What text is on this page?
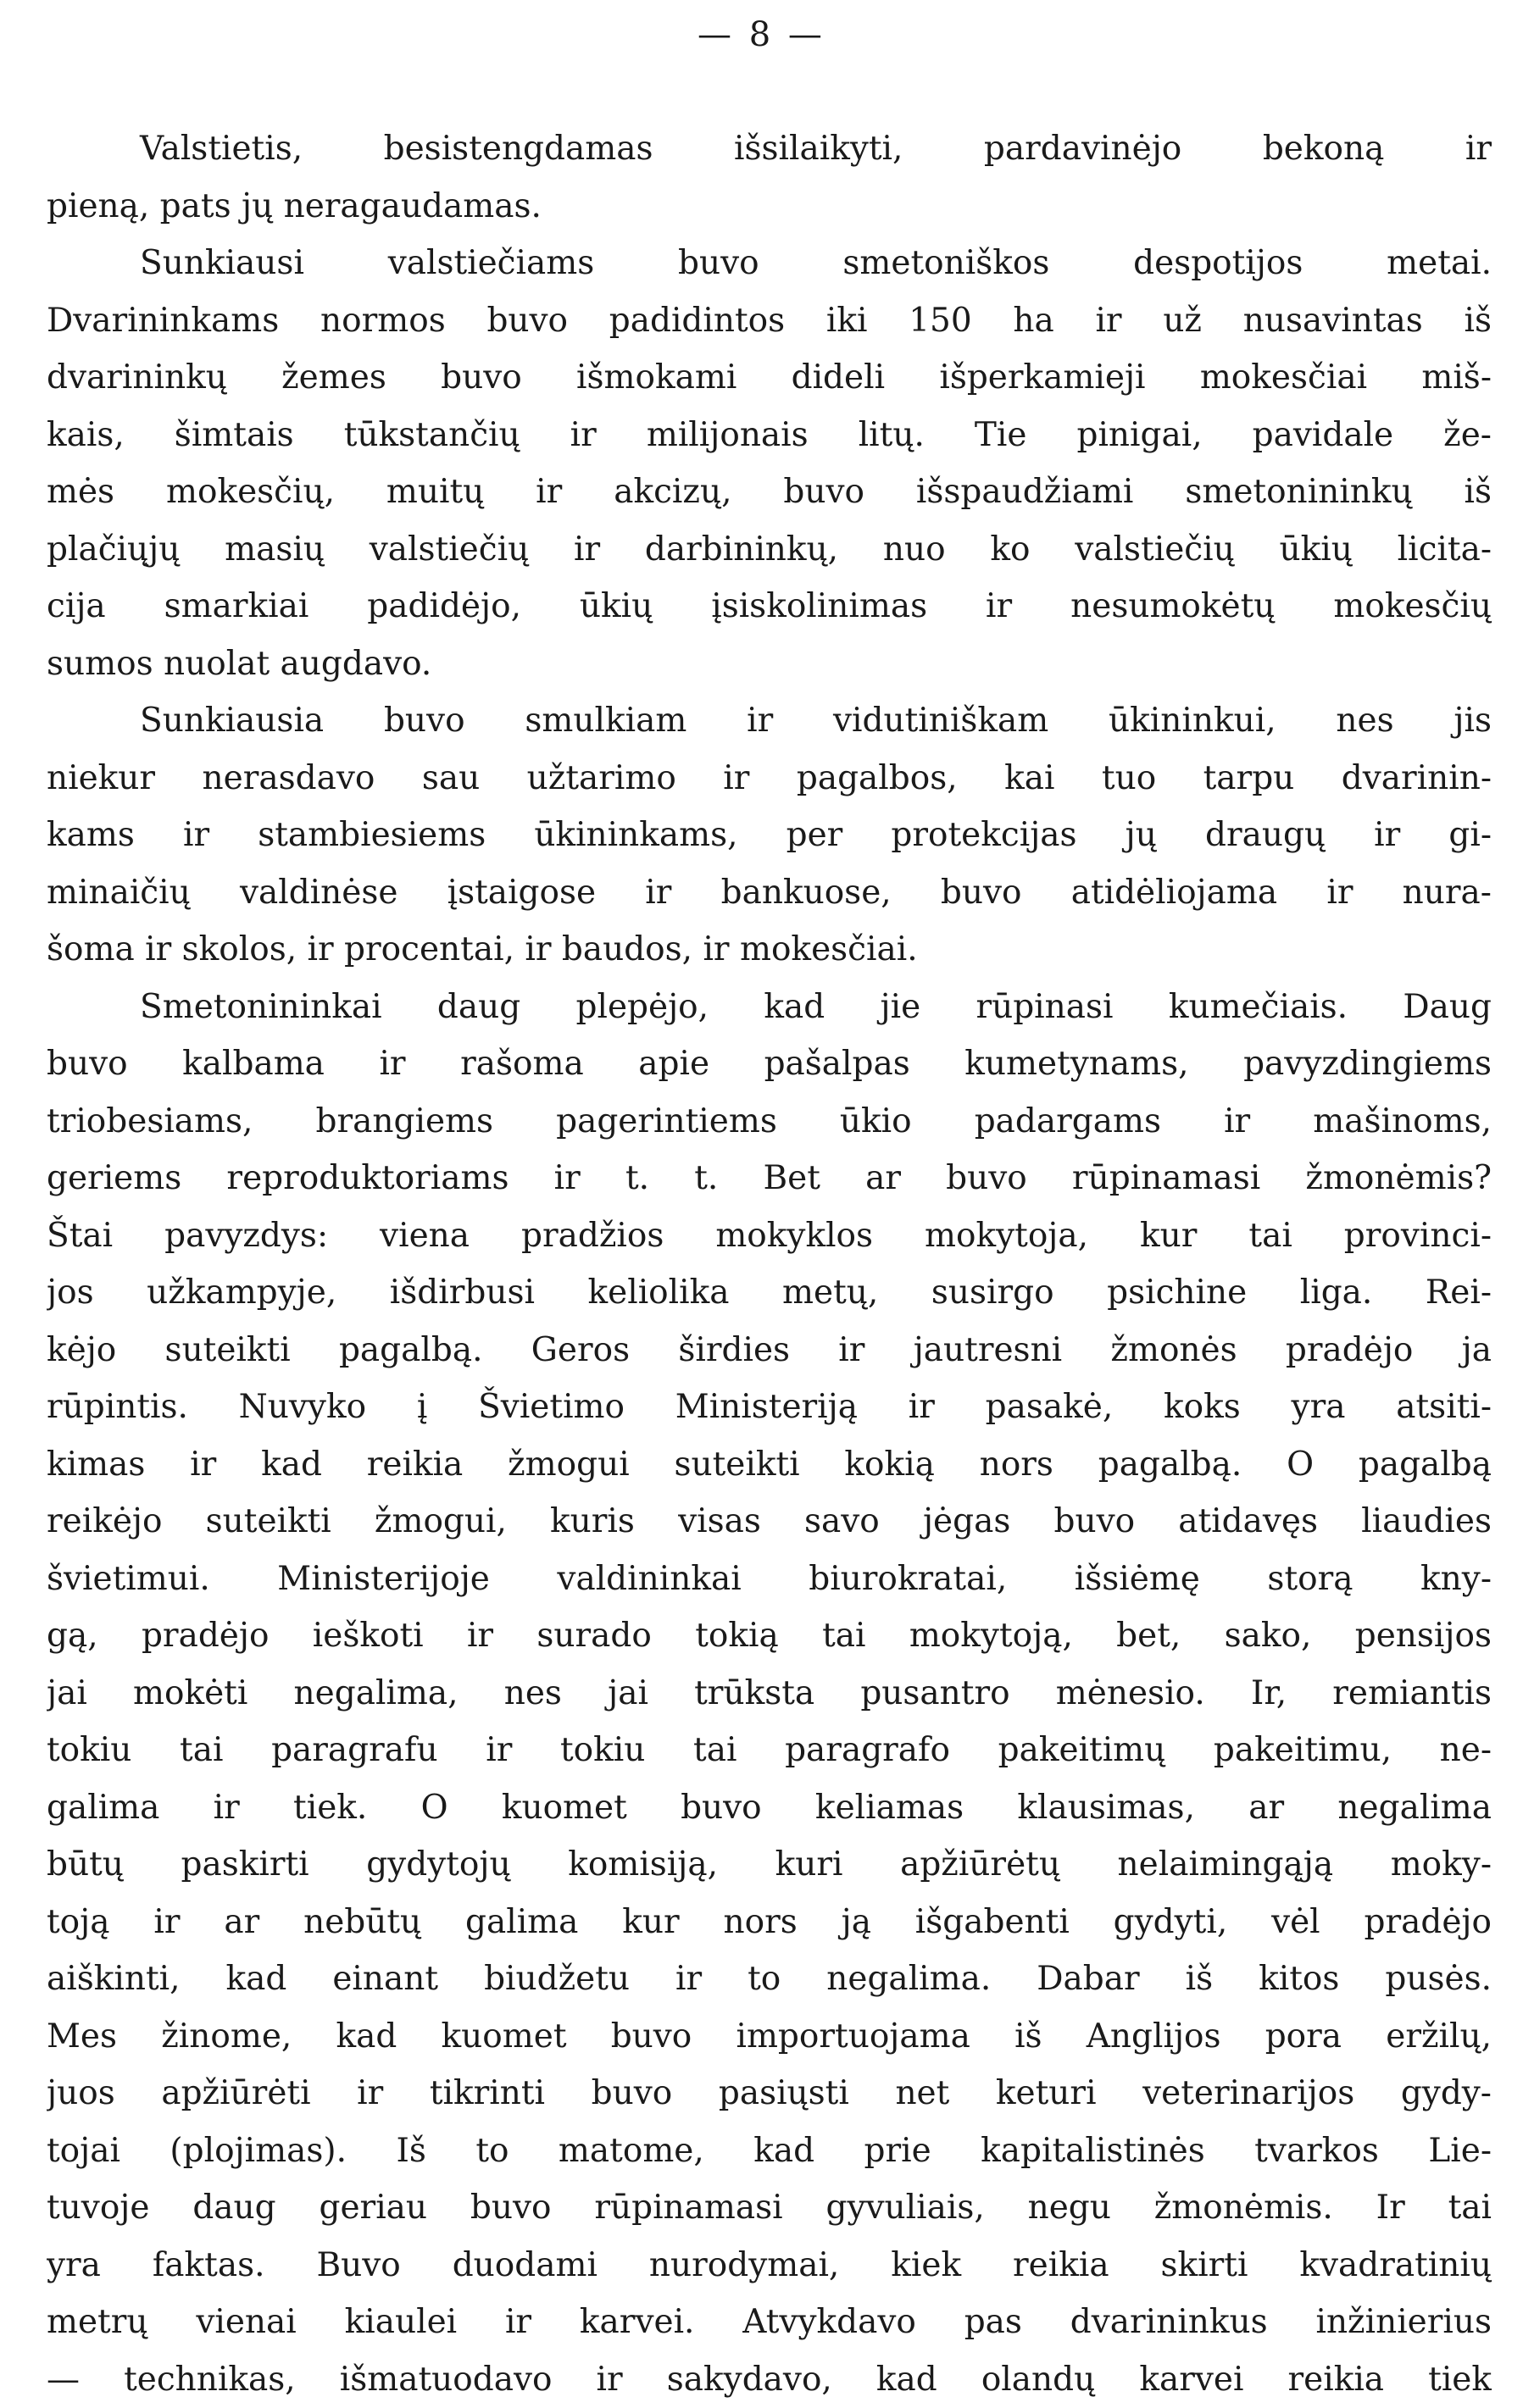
— 8 —
Valstietis, besistengdamas išsilaikyti, pardavinėjo bekoną ir
pieną, pats jų neragaudamas.
Sunkiausi valstiečiams buvo smetoniškos despotijos metai.
Dvarininkams normos buvo padidintos iki 150 ha ir už nusavintas iš
dvarininkų žemes buvo išmokami dideli išperkamieji mokesčiai miš-
kais, šimtais tūkstančių ir milijonais litų. Tie pinigai, pavidale že-
mės mokesčių, muitų ir akcizų, buvo išspaudžiami smetonininkų iš
plačiųjų masių valstiečių ir darbininkų, nuo ko valstiečių ūkių licita-
cija smarkiai padidėjo, ūkių įsiskolinimas ir nesumokėtų mokesčių
sumos nuolat augdavo.
Sunkiausia buvo smulkiam ir vidutiniškam ūkininkui, nes jis
niekur nerasdavo sau užtarimo ir pagalbos, kai tuo tarpu dvarinin-
kams ir stambiesiems ūkininkams, per protekcijas jų draugų ir gi-
minaičių valdinėse įstaigose ir bankuose, buvo atidėliojama ir nura-
šoma ir skolos, ir procentai, ir baudos, ir mokesčiai.
Smetonininkai daug plepėjo, kad jie rūpinasi kumečiais. Daug
buvo kalbama ir rašoma apie pašalpas kumetynams, pavyzdingiems
triobesiams, brangiems pagerintiems ūkio padargams ir mašinoms,
geriems reproduktoriams ir t. t. Bet ar buvo rūpinamasi žmonėmis?
Štai pavyzdys: viena pradžios mokyklos mokytoja, kur tai provinci-
jos užkampyje, išdirbusi keliolika metų, susirgo psichine liga. Rei-
kėjo suteikti pagalbą. Geros širdies ir jautresni žmonės pradėjo ja
rūpintis. Nuvyko į Švietimo Ministeriją ir pasakė, koks yra atsiti-
kimas ir kad reikia žmogui suteikti kokią nors pagalbą. O pagalbą
reikėjo suteikti žmogui, kuris visas savo jėgas buvo atidavęs liaudies
švietimui. Ministerijoje valdininkai biurokratai, išsiėmę storą kny-
gą, pradėjo ieškoti ir surado tokią tai mokytoją, bet, sako, pensijos
jai mokėti negalima, nes jai trūksta pusantro mėnesio. Ir, remiantis
tokiu tai paragrafu ir tokiu tai paragrafo pakeitimų pakeitimu, ne-
galima ir tiek. O kuomet buvo keliamas klausimas, ar negalima
būtų paskirti gydytojų komisiją, kuri apžiūrėtų nelaimingąją moky-
toją ir ar nebūtų galima kur nors ją išgabenti gydyti, vėl pradėjo
aiškinti, kad einant biudžetu ir to negalima. Dabar iš kitos pusės.
Mes žinome, kad kuomet buvo importuojama iš Anglijos pora eržilų,
juos apžiūrėti ir tikrinti buvo pasiųsti net keturi veterinarijos gydy-
tojai (plojimas). Iš to matome, kad prie kapitalistinės tvarkos Lie-
tuvoje daug geriau buvo rūpinamasi gyvuliais, negu žmonėmis. Ir tai
yra faktas. Buvo duodami nurodymai, kiek reikia skirti kvadratinių
metrų vienai kiaulei ir karvei. Atvykdavo pas dvarininkus inžinierius
— technikas, išmatuodavo ir sakydavo, kad olandų karvei reikia tiek
